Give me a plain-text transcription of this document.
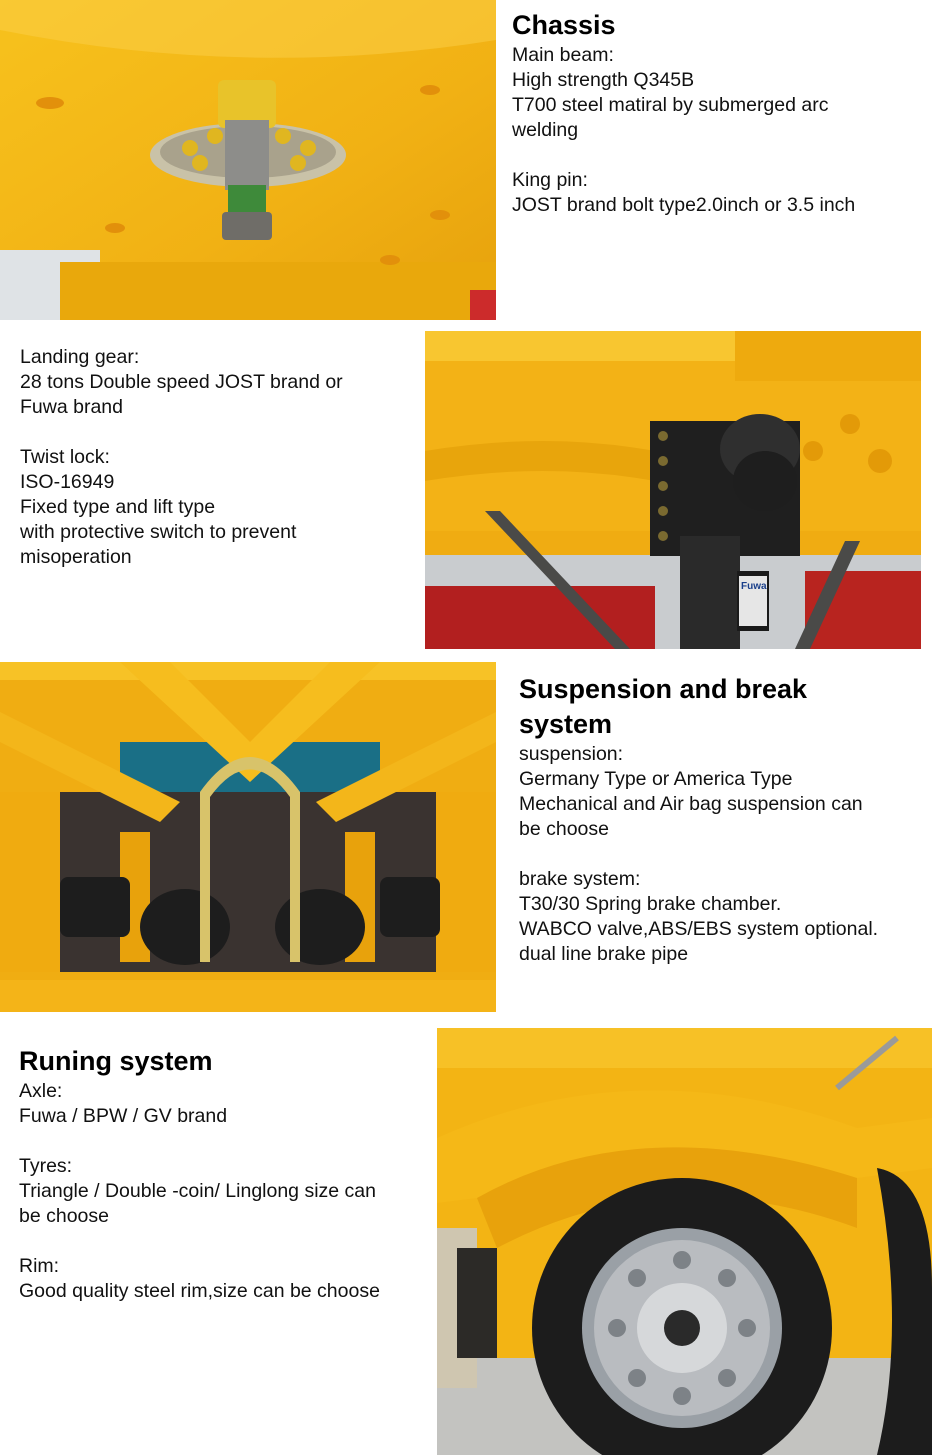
Chassis
Main beam:
High strength Q345B
T700 steel matiral by submerged arc
welding
King pin:
JOST brand bolt type2.0inch or 3.5 inch
Landing gear:
28 tons Double speed JOST brand or
Fuwa brand
Twist lock:
ISO-16949
Fixed type and lift type
with protective switch to prevent
misoperation
Fuwa
Suspension and break
system
suspension:
Germany Type or America Type
Mechanical and Air bag suspension can
be choose
brake system:
T30/30 Spring brake chamber.
WABCO valve,ABS/EBS system optional.
dual line brake pipe
Runing system
Axle:
Fuwa / BPW / GV brand
Tyres:
Triangle / Double -coin/ Linglong size can
be choose
Rim:
Good quality steel rim,size can be choose
